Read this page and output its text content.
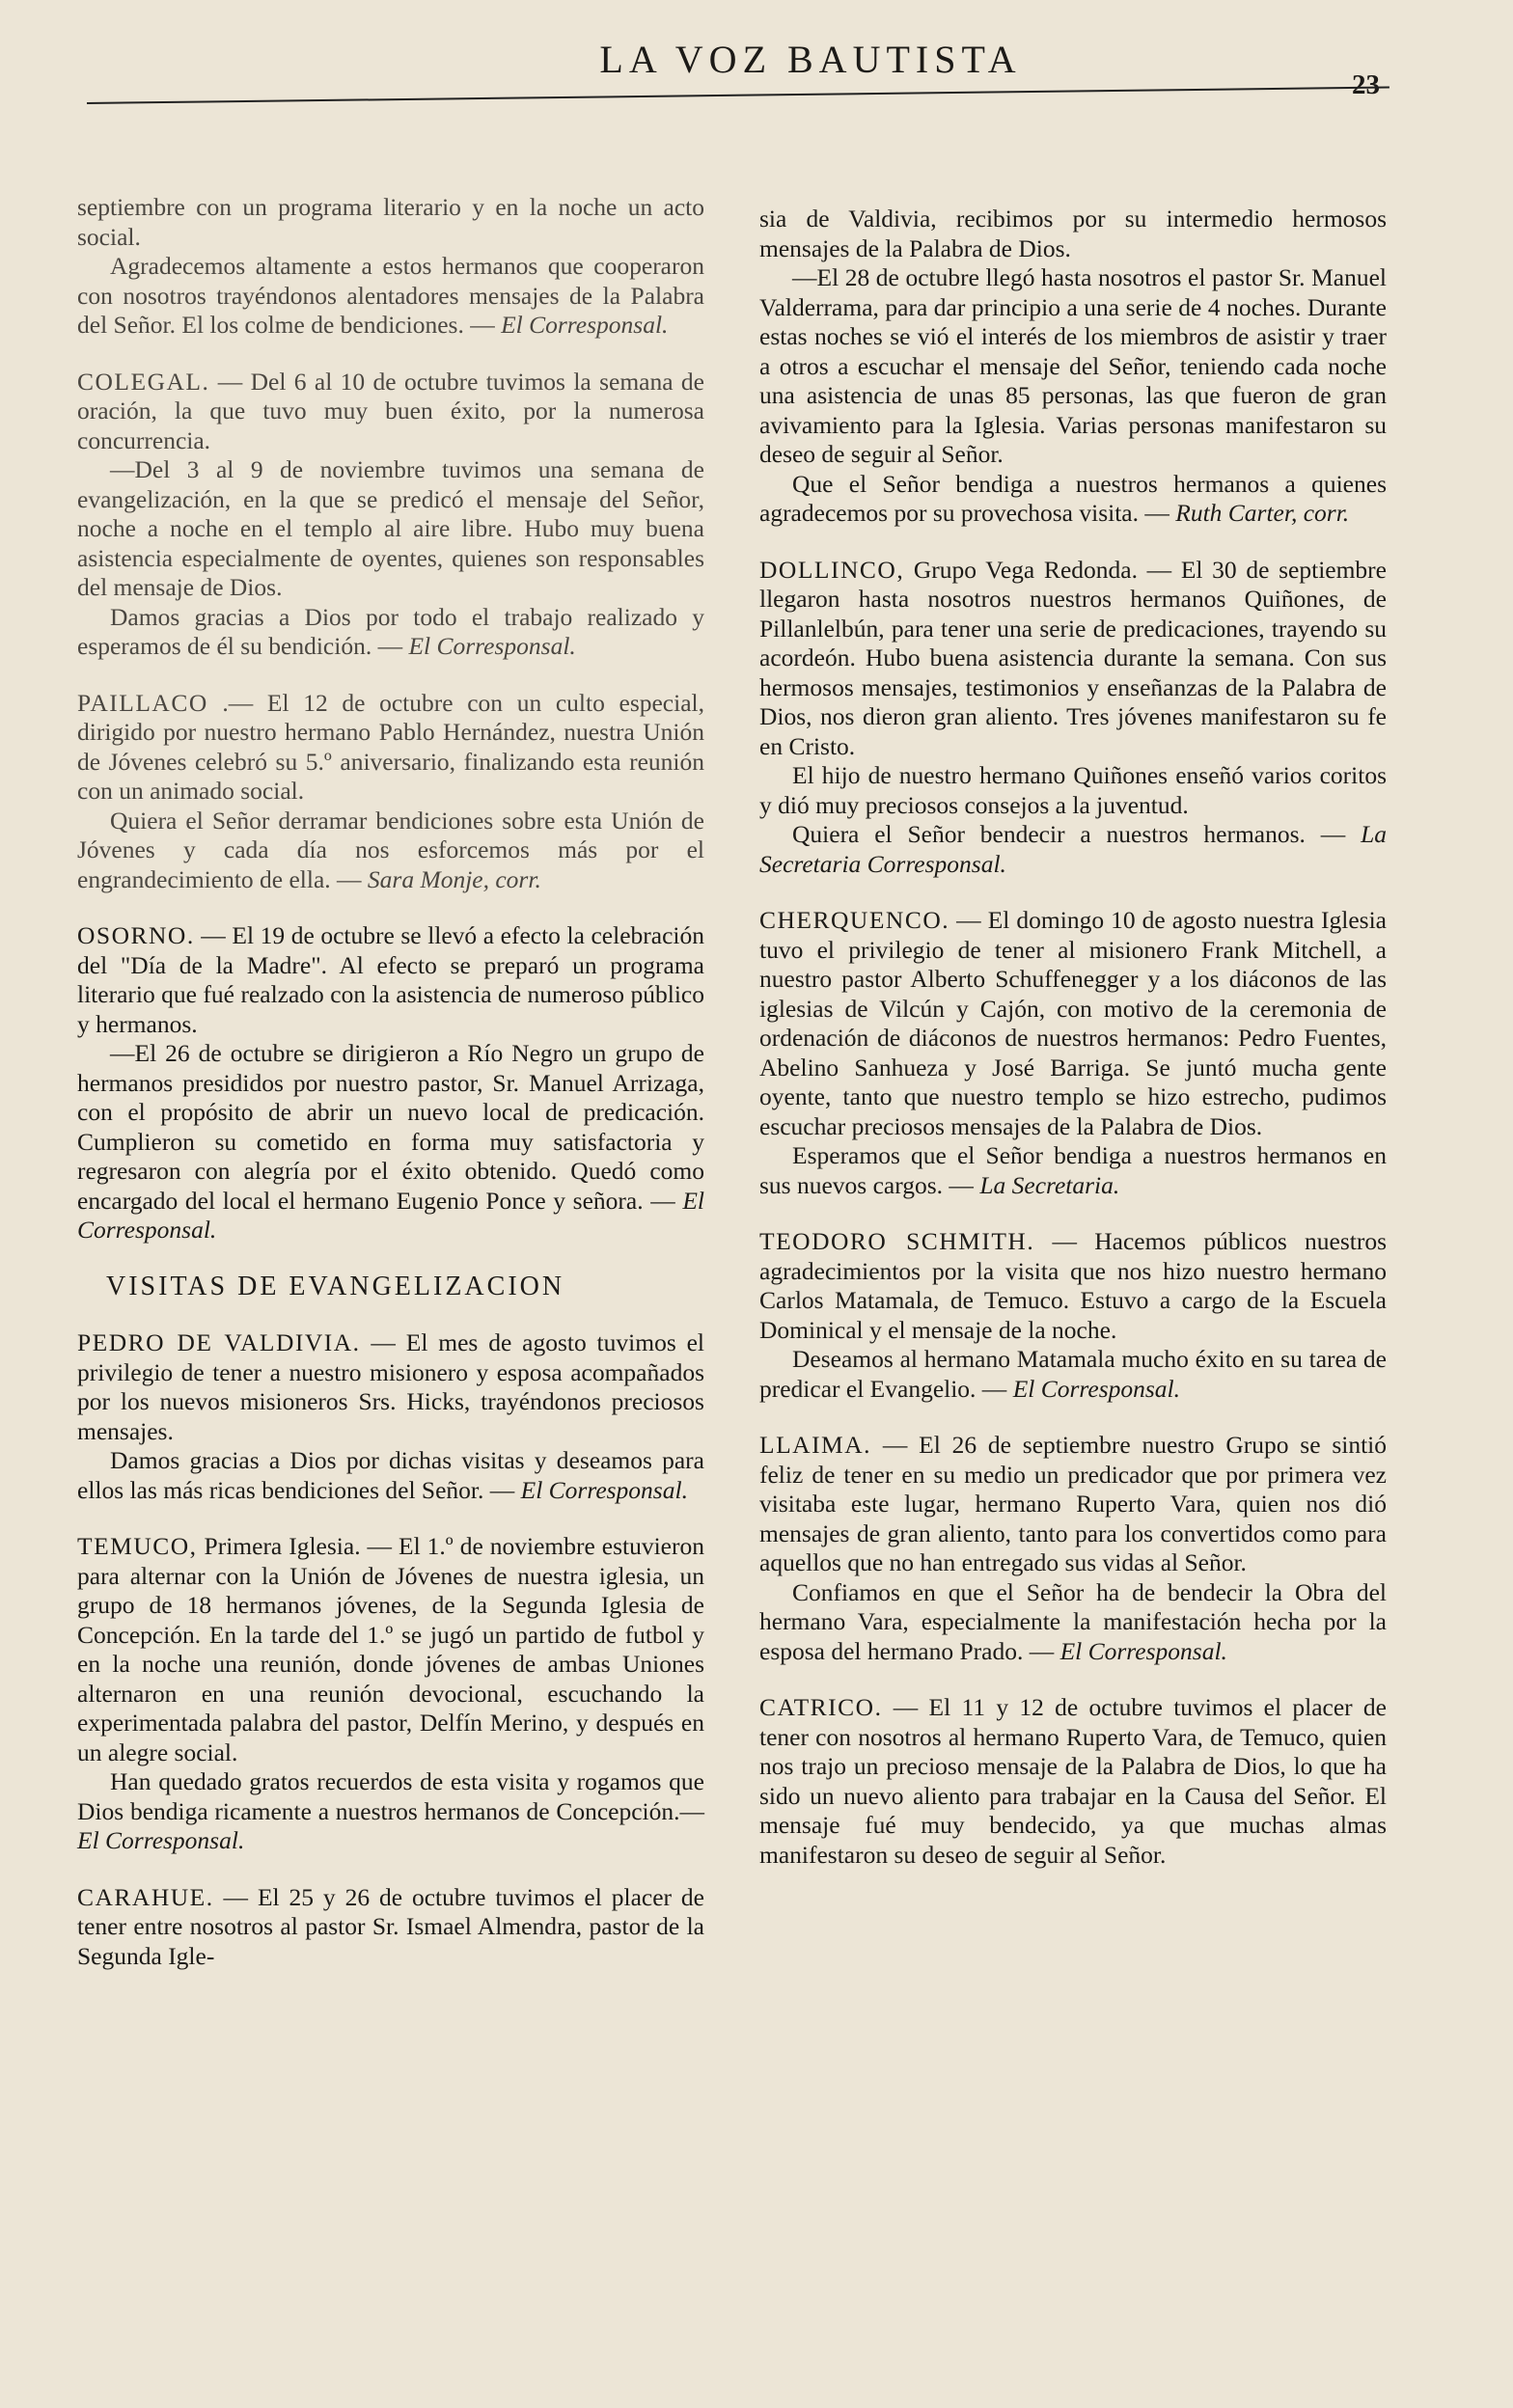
LA VOZ BAUTISTA
23

septiembre con un programa literario y en la noche un acto social.

Agradecemos altamente a estos hermanos que cooperaron con nosotros trayéndonos alentadores mensajes de la Palabra del Señor. El los colme de bendiciones. — El Corresponsal.

COLEGAL. — Del 6 al 10 de octubre tuvimos la semana de oración, la que tuvo muy buen éxito, por la numerosa concurrencia.

—Del 3 al 9 de noviembre tuvimos una semana de evangelización, en la que se predicó el mensaje del Señor, noche a noche en el templo al aire libre. Hubo muy buena asistencia especialmente de oyentes, quienes son responsables del mensaje de Dios.

Damos gracias a Dios por todo el trabajo realizado y esperamos de él su bendición. — El Corresponsal.

PAILLACO .— El 12 de octubre con un culto especial, dirigido por nuestro hermano Pablo Hernández, nuestra Unión de Jóvenes celebró su 5.º aniversario, finalizando esta reunión con un animado social.

Quiera el Señor derramar bendiciones sobre esta Unión de Jóvenes y cada día nos esforcemos más por el engrandecimiento de ella. — Sara Monje, corr.

OSORNO. — El 19 de octubre se llevó a efecto la celebración del "Día de la Madre". Al efecto se preparó un programa literario que fué realzado con la asistencia de numeroso público y hermanos.

—El 26 de octubre se dirigieron a Río Negro un grupo de hermanos presididos por nuestro pastor, Sr. Manuel Arrizaga, con el propósito de abrir un nuevo local de predicación. Cumplieron su cometido en forma muy satisfactoria y regresaron con alegría por el éxito obtenido. Quedó como encargado del local el hermano Eugenio Ponce y señora. — El Corresponsal.

VISITAS DE EVANGELIZACION

PEDRO DE VALDIVIA. — El mes de agosto tuvimos el privilegio de tener a nuestro misionero y esposa acompañados por los nuevos misioneros Srs. Hicks, trayéndonos preciosos mensajes.

Damos gracias a Dios por dichas visitas y deseamos para ellos las más ricas bendiciones del Señor. — El Corresponsal.

TEMUCO, Primera Iglesia. — El 1.º de noviembre estuvieron para alternar con la Unión de Jóvenes de nuestra iglesia, un grupo de 18 hermanos jóvenes, de la Segunda Iglesia de Concepción. En la tarde del 1.º se jugó un partido de futbol y en la noche una reunión, donde jóvenes de ambas Uniones alternaron en una reunión devocional, escuchando la experimentada palabra del pastor, Delfín Merino, y después en un alegre social.

Han quedado gratos recuerdos de esta visita y rogamos que Dios bendiga ricamente a nuestros hermanos de Concepción.— El Corresponsal.

CARAHUE. — El 25 y 26 de octubre tuvimos el placer de tener entre nosotros al pastor Sr. Ismael Almendra, pastor de la Segunda Igle-

sia de Valdivia, recibimos por su intermedio hermosos mensajes de la Palabra de Dios.

—El 28 de octubre llegó hasta nosotros el pastor Sr. Manuel Valderrama, para dar principio a una serie de 4 noches. Durante estas noches se vió el interés de los miembros de asistir y traer a otros a escuchar el mensaje del Señor, teniendo cada noche una asistencia de unas 85 personas, las que fueron de gran avivamiento para la Iglesia. Varias personas manifestaron su deseo de seguir al Señor.

Que el Señor bendiga a nuestros hermanos a quienes agradecemos por su provechosa visita. — Ruth Carter, corr.

DOLLINCO, Grupo Vega Redonda. — El 30 de septiembre llegaron hasta nosotros nuestros hermanos Quiñones, de Pillanlelbún, para tener una serie de predicaciones, trayendo su acordeón. Hubo buena asistencia durante la semana. Con sus hermosos mensajes, testimonios y enseñanzas de la Palabra de Dios, nos dieron gran aliento. Tres jóvenes manifestaron su fe en Cristo.

El hijo de nuestro hermano Quiñones enseñó varios coritos y dió muy preciosos consejos a la juventud.

Quiera el Señor bendecir a nuestros hermanos. — La Secretaria Corresponsal.

CHERQUENCO. — El domingo 10 de agosto nuestra Iglesia tuvo el privilegio de tener al misionero Frank Mitchell, a nuestro pastor Alberto Schuffenegger y a los diáconos de las iglesias de Vilcún y Cajón, con motivo de la ceremonia de ordenación de diáconos de nuestros hermanos: Pedro Fuentes, Abelino Sanhueza y José Barriga. Se juntó mucha gente oyente, tanto que nuestro templo se hizo estrecho, pudimos escuchar preciosos mensajes de la Palabra de Dios.

Esperamos que el Señor bendiga a nuestros hermanos en sus nuevos cargos. — La Secretaria.

TEODORO SCHMITH. — Hacemos públicos nuestros agradecimientos por la visita que nos hizo nuestro hermano Carlos Matamala, de Temuco. Estuvo a cargo de la Escuela Dominical y el mensaje de la noche.

Deseamos al hermano Matamala mucho éxito en su tarea de predicar el Evangelio. — El Corresponsal.

LLAIMA. — El 26 de septiembre nuestro Grupo se sintió feliz de tener en su medio un predicador que por primera vez visitaba este lugar, hermano Ruperto Vara, quien nos dió mensajes de gran aliento, tanto para los convertidos como para aquellos que no han entregado sus vidas al Señor.

Confiamos en que el Señor ha de bendecir la Obra del hermano Vara, especialmente la manifestación hecha por la esposa del hermano Prado. — El Corresponsal.

CATRICO. — El 11 y 12 de octubre tuvimos el placer de tener con nosotros al hermano Ruperto Vara, de Temuco, quien nos trajo un precioso mensaje de la Palabra de Dios, lo que ha sido un nuevo aliento para trabajar en la Causa del Señor. El mensaje fué muy bendecido, ya que muchas almas manifestaron su deseo de seguir al Señor.
